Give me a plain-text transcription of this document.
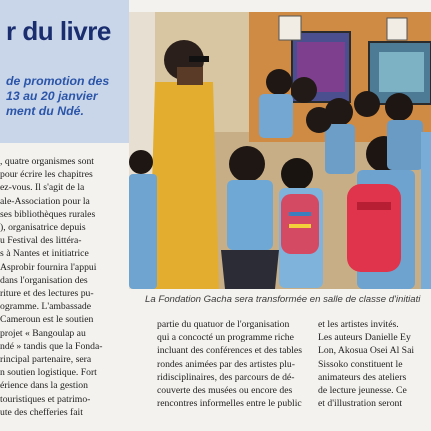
r du livre

de promotion des
13 au 20 janvier
ment du Ndé.

La Fondation Gacha sera transformée en salle de classe d'initiati

, quatre organismes sont
pour écrire les chapitres
ez-vous. Il s'agit de la
ale-Association pour la
ses bibliothèques rurales
), organisatrice depuis
u Festival des littéra-
s à Nantes et initiatrice
Asprobir fournira l'appui
dans l'organisation des
riture et des lectures pu-
ogramme. L'ambassade
Cameroun est le soutien
projet « Bangoulap au
ndé » tandis que la Fonda-
rincipal partenaire, sera
n soutien logistique. Fort
érience dans la gestion
touristiques et patrimo-
ute des chefferies fait

partie du quatuor de l'organisation
qui a concocté un programme riche
incluant des conférences et des tables
rondes animées par des artistes plu-
ridisciplinaires, des parcours de dé-
couverte des musées ou encore des
rencontres informelles entre le public

et les artistes invités.
Les auteurs Danielle Ey
Lon, Akosua Osei Al Sai
Sissoko constituent le
animateurs des ateliers
de lecture jeunesse. Ce
et d'illustration seront
